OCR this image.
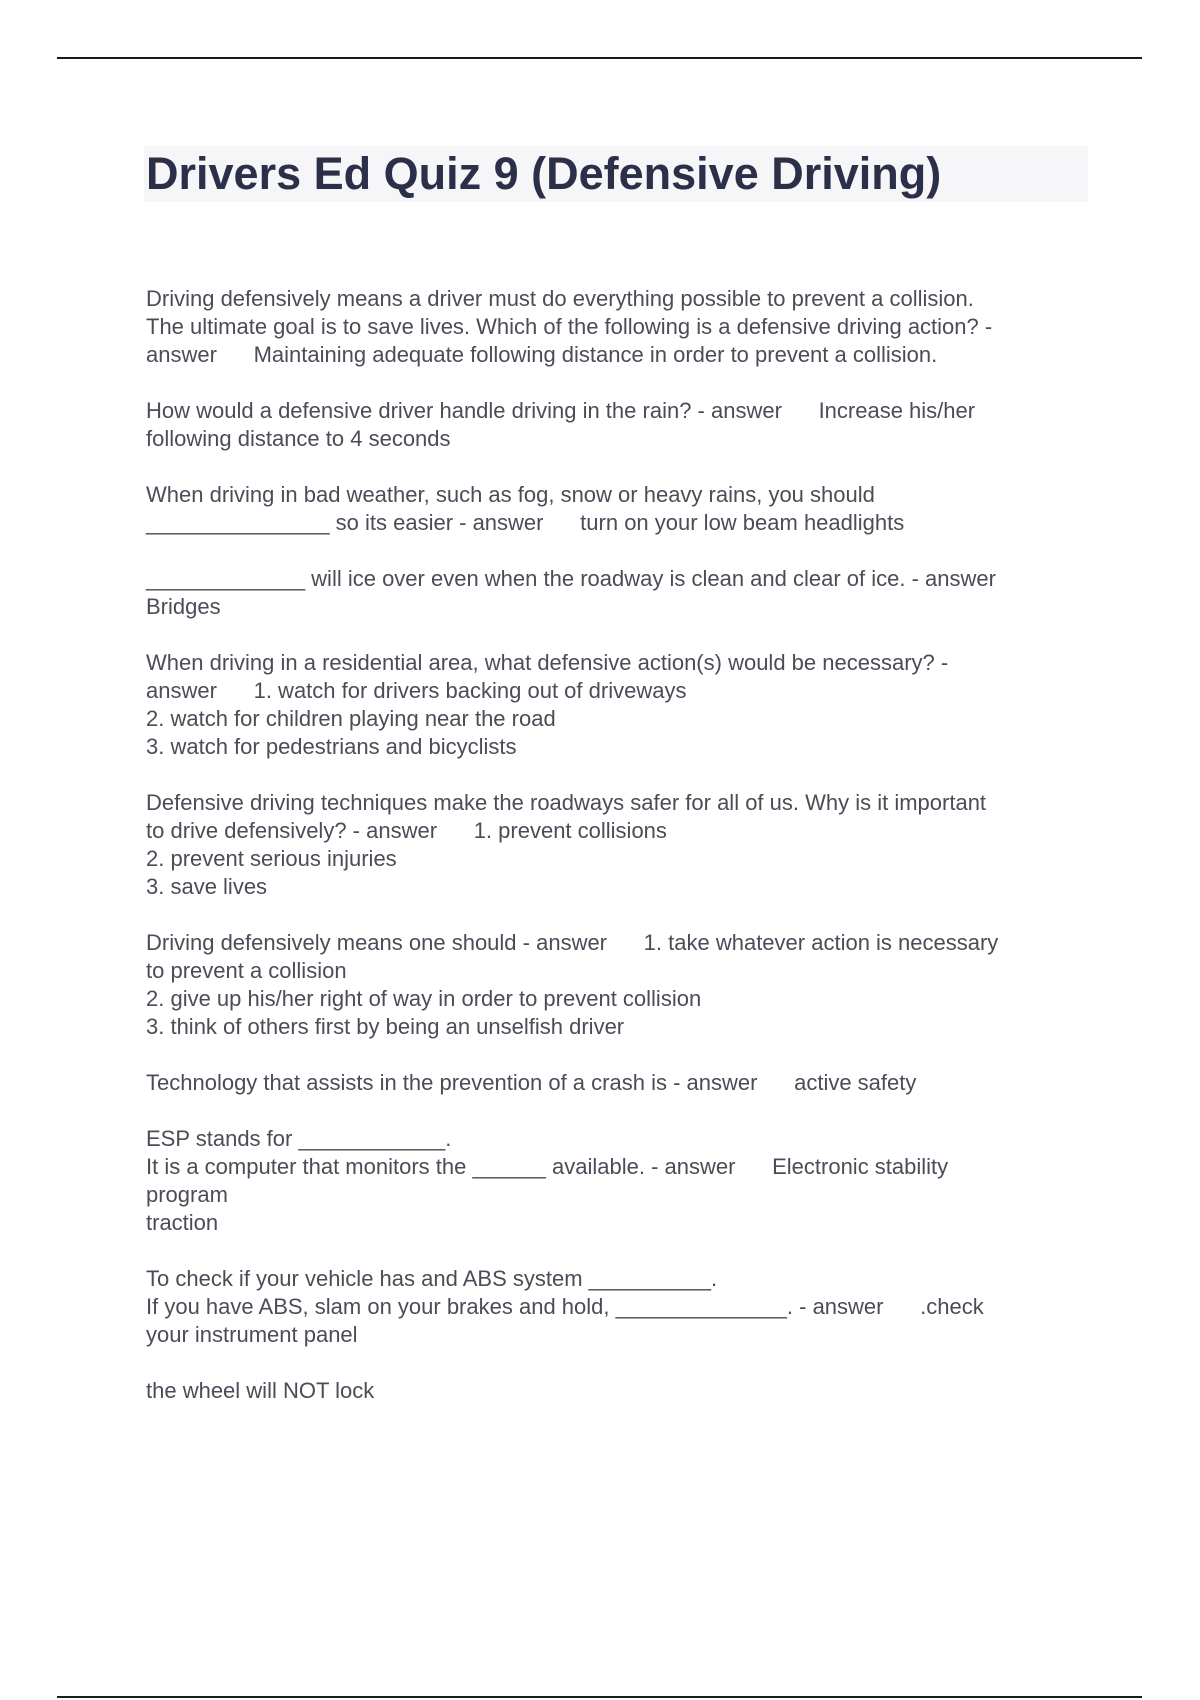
Drivers Ed Quiz 9 (Defensive Driving)

Driving defensively means a driver must do everything possible to prevent a collision.
The ultimate goal is to save lives. Which of the following is a defensive driving action? -
answer      Maintaining adequate following distance in order to prevent a collision.

How would a defensive driver handle driving in the rain? - answer      Increase his/her
following distance to 4 seconds

When driving in bad weather, such as fog, snow or heavy rains, you should
_______________ so its easier - answer      turn on your low beam headlights

_____________ will ice over even when the roadway is clean and clear of ice. - answer
Bridges

When driving in a residential area, what defensive action(s) would be necessary? -
answer      1. watch for drivers backing out of driveways
2. watch for children playing near the road
3. watch for pedestrians and bicyclists

Defensive driving techniques make the roadways safer for all of us. Why is it important
to drive defensively? - answer      1. prevent collisions
2. prevent serious injuries
3. save lives

Driving defensively means one should - answer      1. take whatever action is necessary
to prevent a collision
2. give up his/her right of way in order to prevent collision
3. think of others first by being an unselfish driver

Technology that assists in the prevention of a crash is - answer      active safety

ESP stands for ____________.
It is a computer that monitors the ______ available. - answer      Electronic stability
program
traction

To check if your vehicle has and ABS system __________.
If you have ABS, slam on your brakes and hold, ______________. - answer      .check
your instrument panel

the wheel will NOT lock
